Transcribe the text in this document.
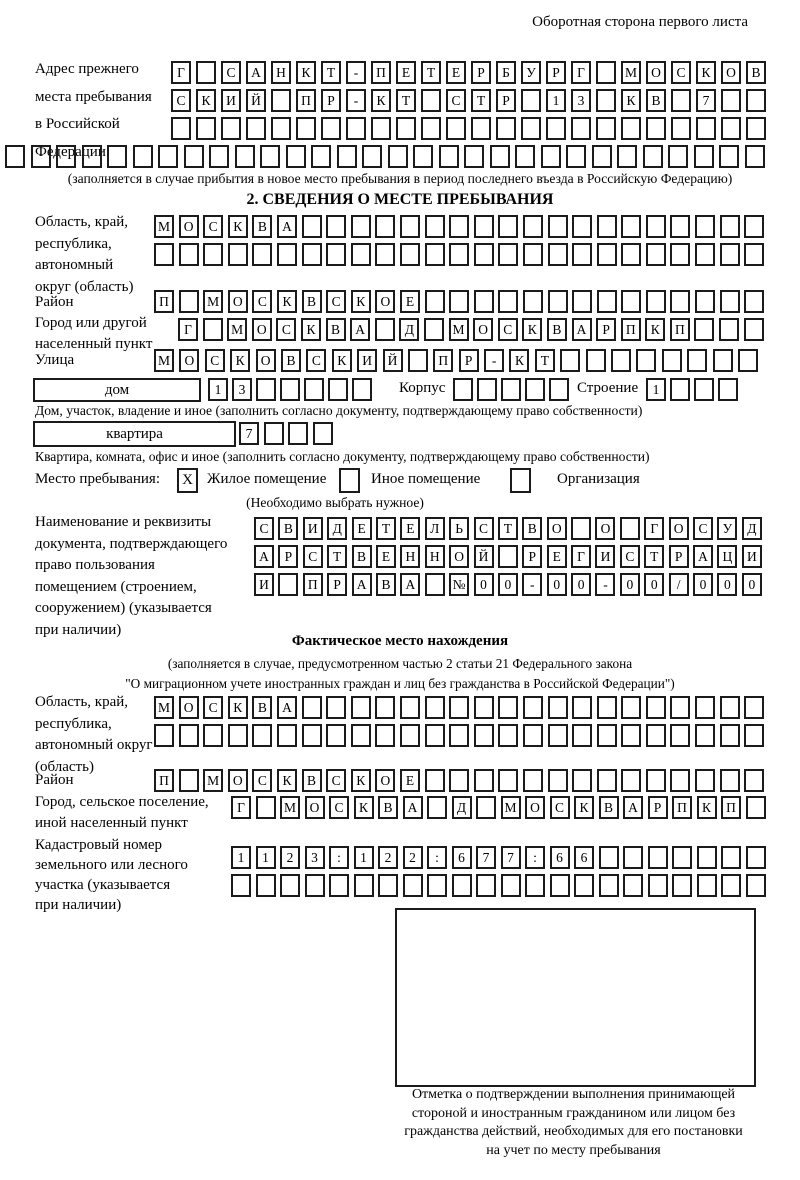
Оборотная сторона первого листа
Адрес прежнего
места пребывания
в Российской
Федерации
Г	С	А	Н	К	Т	-	П	Е	Т	Е	Р	Б	У	Р	Г	М	О	С	К	О	В
С	К	И	Й	П	Р	-	К	Т	С	Т	Р	1	3	К	В	7
(заполняется в случае прибытия в новое место пребывания в период последнего въезда в Российскую Федерацию)
2. СВЕДЕНИЯ О МЕСТЕ ПРЕБЫВАНИЯ
Область, край,
республика,
автономный
округ (область)
М	О	С	К	В	А
Район	П	М	О	С	К	В	С	К	О	Е
Город или другой
населенный пункт
Г	М	О	С	К	В	А	Д	М	О	С	К	В	А	Р	П	К	П
Улица	М	О	С	К	О	В	С	К	И	Й	П	Р	-	К	Т
дом	1	3	Корпус	Строение	1
Дом, участок, владение и иное (заполнить согласно документу, подтверждающему право собственности)
квартира	7
Квартира, комната, офис и иное (заполнить согласно документу, подтверждающему право собственности)
Место пребывания:	X Жилое помещение	Иное помещение	Организация
(Необходимо выбрать нужное)
Наименование и реквизиты
документа, подтверждающего
право пользования
помещением (строением,
сооружением) (указывается
при наличии)
С	В	И	Д	Е	Т	Е	Л	Ь	С	Т	В	О	О	Г	О	С	У	Д
А	Р	С	Т	В	Е	Н	Н	О	Й	Р	Е	Г	И	С	Т	Р	А	Ц	И
И	П	Р	А	В	А	№	0	0	-	0	0	-	0	0	/	0	0	0
Фактическое место нахождения
(заполняется в случае, предусмотренном частью 2 статьи 21 Федерального закона
"О миграционном учете иностранных граждан и лиц без гражданства в Российской Федерации")
Область, край,
республика,
автономный округ
(область)
М	О	С	К	В	А
Район	П	М	О	С	К	В	С	К	О	Е
Город, сельское поселение,
иной населенный пункт
Г	М	О	С	К	В	А	Д	М	О	С	К	В	А	Р	П	К	П
Кадастровый номер
земельного или лесного
участка (указывается
при наличии)
1	1	2	3	:	1	2	2	:	6	7	7	:	6	6
Отметка о подтверждении выполнения принимающей
стороной и иностранным гражданином или лицом без
гражданства действий, необходимых для его постановки
на учет по месту пребывания
